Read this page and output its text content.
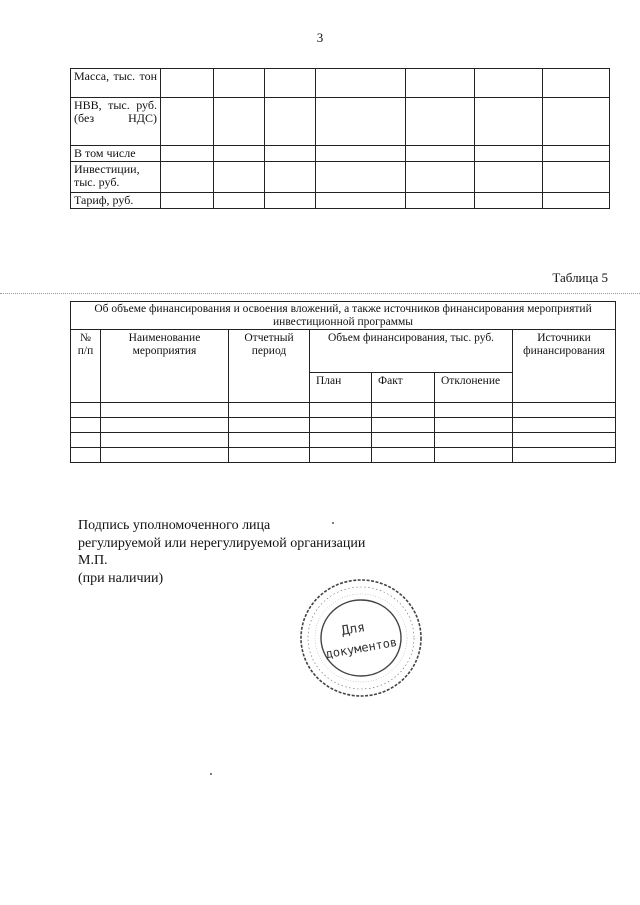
3
Масса, тыс. тон							

НВВ, тыс. руб. (без НДС)							

В том числе							
Инвестиции, тыс. руб.							
Тариф, руб.							
Таблица 5
Об объеме финансирования и освоения вложений, а также источников финансирования мероприятий инвестиционной программы						
№ п/п	Наименование мероприятия	Отчетный период	Объем финансирования, тыс. руб.			Источники финансирования
			План	Факт	Отклонение	

Подпись уполномоченного лица
регулируемой или нерегулируемой организации
М.П.
(при наличии)
Для
документов
